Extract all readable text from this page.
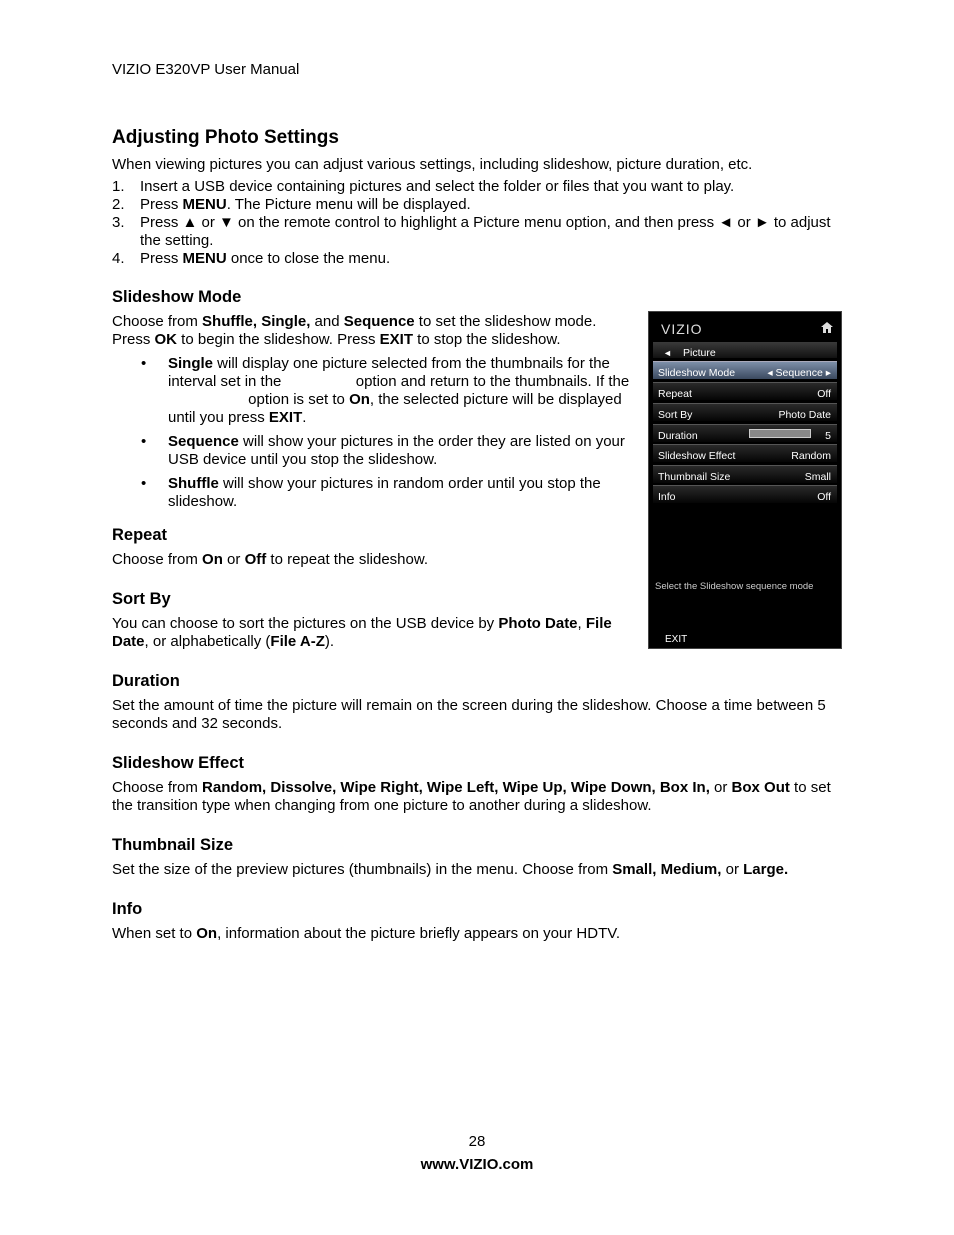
VIZIO E320VP User Manual
Adjusting Photo Settings

When viewing pictures you can adjust various settings, including slideshow, picture duration, etc.

1. Insert a USB device containing pictures and select the folder or files that you want to play.
2. Press MENU. The Picture menu will be displayed.
3. Press ▲ or ▼ on the remote control to highlight a Picture menu option, and then press ◄ or ► to adjust the setting.
4. Press MENU once to close the menu.
Slideshow Mode

Choose from Shuffle, Single, and Sequence to set the slideshow mode. Press OK to begin the slideshow. Press EXIT to stop the slideshow.

• Single will display one picture selected from the thumbnails for the interval set in the	option and return to the thumbnails. If the  option is set to On, the selected picture will be displayed until you press EXIT.
• Sequence will show your pictures in the order they are listed on your USB device until you stop the slideshow.
• Shuffle will show your pictures in random order until you stop the slideshow.
Repeat

Choose from On or Off to repeat the slideshow.

Sort By

You can choose to sort the pictures on the USB device by Photo Date, File Date, or alphabetically (File A-Z).

Duration

Set the amount of time the picture will remain on the screen during the slideshow. Choose a time between 5 seconds and 32 seconds.

Slideshow Effect

Choose from Random, Dissolve, Wipe Right, Wipe Left, Wipe Up, Wipe Down, Box In, or Box Out to set the transition type when changing from one picture to another during a slideshow.

Thumbnail Size

Set the size of the preview pictures (thumbnails) in the menu. Choose from Small, Medium, or Large.

Info

When set to On, information about the picture briefly appears on your HDTV.

VIZIO
◄ Picture
Slideshow Mode	◂ Sequence ▸
Repeat	Off
Sort By	Photo Date
Duration	5
Slideshow Effect	Random
Thumbnail Size	Small
Info	Off
Select the Slideshow sequence mode
EXIT
28
www.VIZIO.com
